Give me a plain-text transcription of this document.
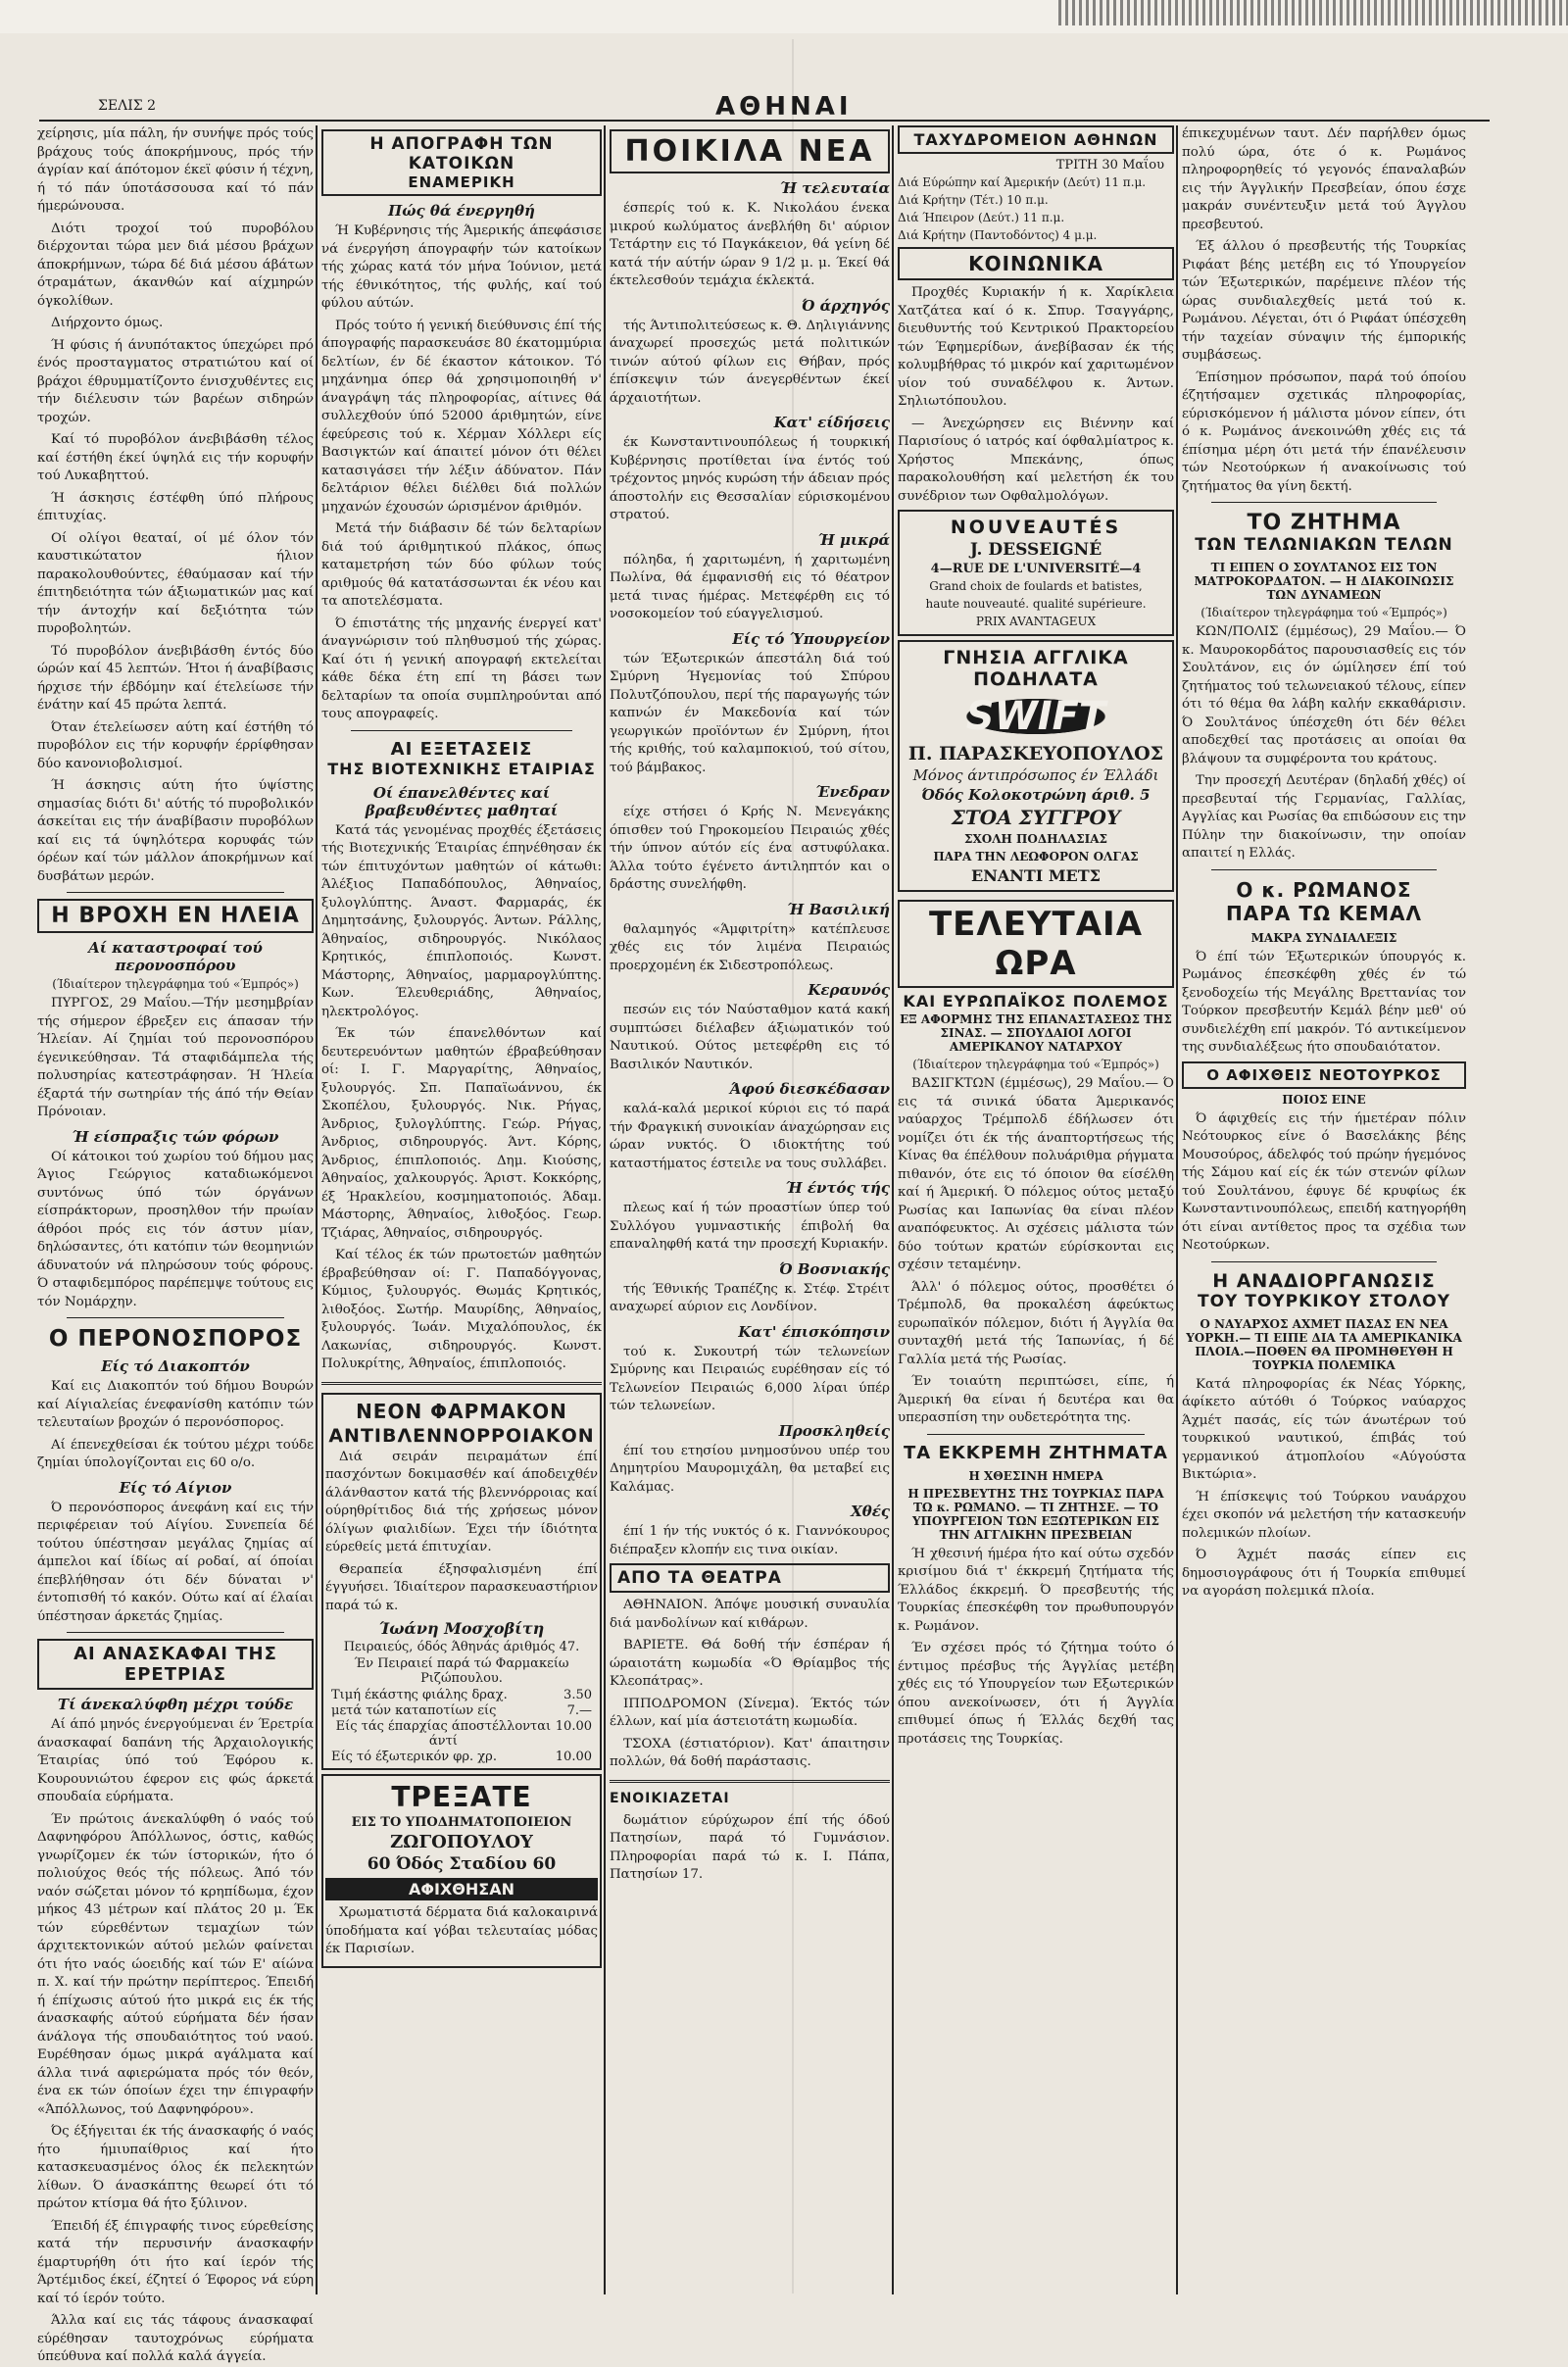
ΣΕΛΙΣ 2	ΑΘΗΝΑΙ

χείρησις, μία πάλη, ήν συνήψε πρός τούς βράχους τούς άποκρήμνους, πρός τήν άγρίαν καί άπότομον έκεϊ φύσιν ή τέχνη, ή τό πάν ύποτάσσουσα καί τό πάν ήμερώνουσα.

Διότι τροχοί τού πυροβόλου διέρχονται τώρα μεν διά μέσου βράχων άποκρήμνων, τώρα δέ διά μέσου άβάτων ότραμάτων, άκανθών καί αίχμηρών όγκολίθων.

Διήρχοντο όμως.

Ή φύσις ή άνυπότακτος ύπεχώρει πρό ένός προσταγματος στρατιώτου καί οί βράχοι έθρυμματίζοντο ένισχυθέντες εις τήν διέλευσιν τών βαρέων σιδηρών τροχών.

Καί τό πυροβόλον άνεβιβάσθη τέλος καί έστήθη έκεί ύψηλά εις τήν κορυφήν τού Λυκαβηττού.

Ή άσκησις έστέφθη ύπό πλήρους έπιτυχίας.

Οί ολίγοι θεαταί, οί μέ όλον τόν καυστικώτατον ήλιον παρακολουθούντες, έθαύμασαν καί τήν έπιτηδειότητα τών άξιωματικών μας καί τήν άντοχήν καί δεξιότητα τών πυροβολητών.

Τό πυροβόλον άνεβιβάσθη έντός δύο ώρών καί 45 λεπτών. Ήτοι ή άναβίβασις ήρχισε τήν έβδόμην καί έτελείωσε τήν ένάτην καί 45 πρώτα λεπτά.

Όταν έτελείωσεν αύτη καί έστήθη τό πυροβόλον εις τήν κορυφήν έρρίφθησαν δύο κανονιοβολισμοί.

Ή άσκησις αύτη ήτο ύψίστης σημασίας διότι δι' αύτής τό πυροβολικόν άσκείται εις τήν άναβίβασιν πυροβόλων καί εις τά ύψηλότερα κορυφάς τών όρέων καί τών μάλλον άποκρήμνων καί δυσβάτων μερών.

Η ΒΡΟΧΗ ΕΝ ΗΛΕΙΑ
Αί καταστροφαί τού περονοσπόρου
(Ίδιαίτερον τηλεγράφημα τού «Έμπρός»)

ΠΥΡΓΟΣ, 29 Μαΐου.—Τήν μεσημβρίαν τής σήμερον έβρεξεν εις άπασαν τήν Ήλείαν. Αί ζημίαι τού περονοσπόρου έγενικεύθησαν. Τά σταφιδάμπελα τής πολυσηρίας κατεστράφησαν. Ή Ήλεία έξαρτά τήν σωτηρίαν τής άπό τήν Θείαν Πρόνοιαν.

Ή είσπραξις τών φόρων

Οί κάτοικοι τού χωρίου τού δήμου μας Άγιος Γεώργιος καταδιωκόμενοι συντόνως ύπό τών όργάνων είσπράκτορων, προσηλθον τήν πρωίαν άθρόοι πρός εις τόν άστυν μίαν, δηλώσαντες, ότι κατόπιν τών θεομηνιών άδυνατούν νά πληρώσουν τούς φόρους. Ό σταφιδεμπόρος παρέπεμψε τούτους εις τόν Νομάρχην.

Ο ΠΕΡΟΝΟΣΠΟΡΟΣ
Είς τό Διακοπτόν

Καί εις Διακοπτόν τού δήμου Βουρών καί Αίγιαλείας ένεφανίσθη κατόπιν τών τελευταίων βροχών ό περονόσπορος.

Αί έπενεχθείσαι έκ τούτου μέχρι τούδε ζημίαι ύπολογίζονται εις 60 ο/ο.

Είς τό Αίγιον

Ό περονόσπορος άνεφάνη καί εις τήν περιφέρειαν τού Αίγίου. Συνεπεία δέ τούτου ύπέστησαν μεγάλας ζημίας αί άμπελοι καί ίδίως αί ροδαί, αί όποίαι έπεβλήθησαν ότι δέν δύναται ν' έντοπισθή τό κακόν. Ούτω καί αί έλαίαι ύπέστησαν άρκετάς ζημίας.

ΑΙ ΑΝΑΣΚΑΦΑΙ ΤΗΣ ΕΡΕΤΡΙΑΣ
Τί άνεκαλύφθη μέχρι τούδε

Αί άπό μηνός ένεργούμεναι έν Έρετρία άνασκαφαί δαπάνη τής Άρχαιολογικής Έταιρίας ύπό τού Έφόρου κ. Κουρουνιώτου έφερον εις φώς άρκετά σπουδαία εύρήματα.

Έν πρώτοις άνεκαλύφθη ό ναός τού Δαφνηφόρου Άπόλλωνος, όστις, καθώς γνωρίζομεν έκ τών ίστορικών, ήτο ό πολιούχος θεός τής πόλεως. Άπό τόν ναόν σώζεται μόνον τό κρηπίδωμα, έχον μήκος 43 μέτρων καί πλάτος 20 μ. Έκ τών εύρεθέντων τεμαχίων τών άρχιτεκτονικών αύτού μελών φαίνεται ότι ήτο ναός ώοειδής καί τών Ε' αίώνα π. Χ. καί τήν πρώτην περίπτερος. Έπειδή ή έπίχωσις αύτού ήτο μικρά εις έκ τής άνασκαφής αύτού εύρήματα δέν ήσαν άνάλογα τής σπουδαιότητος τού ναού. Ευρέθησαν όμως μικρά αγάλματα καί άλλα τινά αφιερώματα πρός τόν θεόν, ένα εκ τών όποίων έχει την έπιγραφήν «Άπόλλωνος, τού Δαφνηφόρου».

Ός έξήγειται έκ τής άνασκαφής ό ναός ήτο ήμιυπαίθριος καί ήτο κατασκευασμένος όλος έκ πελεκητών λίθων. Ό άνασκάπτης θεωρεί ότι τό πρώτον κτίσμα θά ήτο ξύλινον.

Έπειδή έξ έπιγραφής τινος εύρεθείσης κατά τήν περυσινήν άνασκαφήν έμαρτυρήθη ότι ήτο καί ίερόν τής Άρτέμιδος έκεί, έζητεί ό Έφορος νά εύρη καί τό ίερόν τούτο.

Άλλα καί εις τάς τάφους άνασκαφαί εύρέθησαν ταυτοχρόνως εύρήματα ύπεύθυνα καί πολλά καλά άγγεία.

Η ΑΠΟΓΡΑΦΗ ΤΩΝ ΚΑΤΟΙΚΩΝ
ΕΝΑΜΕΡΙΚΗ
Πώς θά ένεργηθή

Ή Κυβέρνησις τής Άμερικής άπεφάσισε νά ένεργήση άπογραφήν τών κατοίκων τής χώρας κατά τόν μήνα Ίούνιον, μετά τής έθνικότητος, τής φυλής, καί τού φύλου αύτών.

Πρός τούτο ή γενική διεύθυνσις έπί τής άπογραφής παρασκευάσε 80 έκατομμύρια δελτίων, έν δέ έκαστον κάτοικον. Τό μηχάνημα όπερ θά χρησιμοποιηθή ν' άναγράψη τάς πληροφορίας, αίτινες θά συλλεχθούν ύπό 52000 άριθμητών, είνε έφεύρεσις τού κ. Χέρμαν Χόλλερι είς Βασιγκτών καί άπαιτεί μόνον ότι θέλει κατασιγάσει τήν λέξιν άδύνατον. Πάν δελτάριον θέλει διέλθει διά πολλών μηχανών έχουσών ώρισμένον άριθμόν.

Μετά τήν διάβασιν δέ τών δελταρίων διά τού άριθμητικού πλάκος, όπως καταμετρήση τών δύο φύλων τούς αριθμούς θά κατατάσσωνται έκ νέου και τα αποτελέσματα.

Ό έπιστάτης τής μηχανής ένεργεί κατ' άναγνώρισιν τού πληθυσμού τής χώρας. Καί ότι ή γενική απογραφή εκτελείται κάθε δέκα έτη επί τη βάσει των δελταρίων τα οποία συμπληρούνται από τους απογραφείς.

ΑΙ ΕΞΕΤΑΣΕΙΣ
ΤΗΣ ΒΙΟΤΕΧΝΙΚΗΣ ΕΤΑΙΡΙΑΣ
Οί έπανελθέντες καί βραβευθέντες μαθηταί

Κατά τάς γενομένας προχθές έξετάσεις τής Βιοτεχνικής Έταιρίας έπηνέθησαν έκ τών έπιτυχόντων μαθητών οί κάτωθι: Άλέξιος Παπαδόπουλος, Άθηναίος, ξυλογλύπτης. Άναστ. Φαρμαράς, έκ Δημητσάνης, ξυλουργός. Άντων. Ράλλης, Άθηναίος, σιδηρουργός. Νικόλαος Κρητικός, έπιπλοποιός. Κωνστ. Μάστορης, Άθηναίος, μαρμαρογλύπτης. Κων. Έλευθεριάδης, Άθηναίος, ηλεκτρολόγος.

Έκ τών έπανελθόντων καί δευτερευόντων μαθητών έβραβεύθησαν οί: Ι. Γ. Μαργαρίτης, Άθηναίος, ξυλουργός. Σπ. Παπαϊωάννου, έκ Σκοπέλου, ξυλουργός. Νικ. Ρήγας, Άνδριος, ξυλογλύπτης. Γεώρ. Ρήγας, Άνδριος, σιδηρουργός. Άντ. Κόρης, Άνδριος, έπιπλοποιός. Δημ. Κιούσης, Άθηναίος, χαλκουργός. Άριστ. Κοκκόρης, έξ Ήρακλείου, κοσμηματοποιός. Άδαμ. Μάστορης, Άθηναίος, λιθοξόος. Γεωρ. Τζιάρας, Άθηναίος, σιδηρουργός.

Καί τέλος έκ τών πρωτοετών μαθητών έβραβεύθησαν οί: Γ. Παπαδόγγονας, Κύμιος, ξυλουργός. Θωμάς Κρητικός, λιθοξόος. Σωτήρ. Μαυρίδης, Άθηναίος, ξυλουργός. Ίωάν. Μιχαλόπουλος, έκ Λακωνίας, σιδηρουργός. Κωνστ. Πολυκρίτης, Άθηναίος, έπιπλοποιός.

ΝΕΟΝ ΦΑΡΜΑΚΟΝ
ΑΝΤΙΒΛΕΝΝΟΡΡΟΙΑΚΟΝ

Διά σειράν πειραμάτων έπί πασχόντων δοκιμασθέν καί άποδειχθέν άλάνθαστον κατά τής βλεννόρροιας καί ούρηθρίτιδος διά τής χρήσεως μόνον όλίγων φιαλιδίων. Έχει τήν ίδιότητα εύρεθείς μετά έπιτυχίαν.

Θεραπεία έξησφαλισμένη έπί έγγυήσει. Ίδιαίτερον παρασκευαστήριον παρά τώ κ.

Ίωάνη Μοσχοβίτη
Πειραιεύς, όδός Άθηνάς άριθμός 47.
Έν Πειραιεί παρά τώ Φαρμακείω Ριζώπουλου.
Τιμή έκάστης φιάλης δραχ.	3.50
μετά τών καταποτίων είς	7.—
Είς τάς έπαρχίας άποστέλλονται άντί
10.00
Είς τό έξωτερικόν φρ. χρ.	10.00
ΤΡΕΞΑΤΕ
ΕΙΣ ΤΟ ΥΠΟΔΗΜΑΤΟΠΟΙΕΙΟΝ
ΖΩΓΟΠΟΥΛΟΥ
60 Όδός Σταδίου 60
ΑΦΙΧΘΗΣΑΝ

Χρωματιστά δέρματα διά καλοκαιρινά ύποδήματα καί γόβαι τελευταίας μόδας έκ Παρισίων.

ΠΟΙΚΙΛΑ ΝΕΑ
Ή τελευταία

έσπερίς τού κ. Κ. Νικολάου ένεκα μικρού κωλύματος άνεβλήθη δι' αύριον Τετάρτην εις τό Παγκάκειον, θά γείνη δέ κατά τήν αύτήν ώραν 9 1/2 μ. μ. Έκεί θά έκτελεσθούν τεμάχια έκλεκτά.

Ό άρχηγός

τής Άντιπολιτεύσεως κ. Θ. Δηλιγιάννης άναχωρεί προσεχώς μετά πολιτικών τινών αύτού φίλων εις Θήβαν, πρός έπίσκεψιν τών άνεγερθέντων έκεί άρχαιοτήτων.

Κατ' είδήσεις

έκ Κωνσταντινουπόλεως ή τουρκική Κυβέρνησις προτίθεται ίνα έντός τού τρέχοντος μηνός κυρώση τήν άδειαν πρός άποστολήν εις Θεσσαλίαν εύρισκομένου στρατού.

Ή μικρά

πόληδα, ή χαριτωμένη, ή χαριτωμένη Πωλίνα, θά έμφανισθή εις τό θέατρον μετά τινας ήμέρας. Μετεφέρθη εις τό νοσοκομείον τού εύαγγελισμού.

Είς τό Ύπουργείον

τών Έξωτερικών άπεστάλη διά τού Σμύρνη Ήγεμονίας τού Σπύρου Πολυτζόπουλου, περί τής παραγωγής τών καπνών έν Μακεδονία καί τών γεωργικών προϊόντων έν Σμύρνη, ήτοι τής κριθής, τού καλαμποκιού, τού σίτου, τού βάμβακος.

Ένεδραν

είχε στήσει ό Κρής Ν. Μενεγάκης όπισθεν τού Γηροκομείου Πειραιώς χθές τήν ύπνον αύτόν είς ένα αστυφύλακα. Άλλα τούτο έγένετο άντιληπτόν και ο δράστης συνελήφθη.

Ή Βασιλική

θαλαμηγός «Άμφιτρίτη» κατέπλευσε χθές εις τόν λιμένα Πειραιώς προερχομένη έκ Σιδεστροπόλεως.

Κεραυνός

πεσών εις τόν Ναύσταθμον κατά κακή συμπτώσει διέλαβεν άξιωματικόν τού Ναυτικού. Ούτος μετεφέρθη εις τό Βασιλικόν Ναυτικόν.

Άφού διεσκέδασαν

καλά-καλά μερικοί κύριοι εις τό παρά τήν Φραγκική συνοικίαν άναχώρησαν εις ώραν νυκτός. Ό ιδιοκτήτης τού καταστήματος έστειλε να τους συλλάβει.

Ή έντός τής

πλεως καί ή τών προαστίων ύπερ τού Συλλόγου γυμναστικής έπιβολή θα επαναληφθή κατά την προσεχή Κυριακήν.

Ό Βοσνιακής

τής Έθνικής Τραπέζης κ. Στέφ. Στρέιτ αναχωρεί αύριον εις Λονδίνον.

Κατ' έπισκόπησιν

τού κ. Συκουτρή τών τελωνείων Σμύρνης και Πειραιώς ευρέθησαν είς τό Τελωνείον Πειραιώς 6,000 λίραι ύπέρ τών τελωνείων.

Προσκληθείς

έπί του ετησίου μνημοσύνου υπέρ του Δημητρίου Μαυρομιχάλη, θα μεταβεί εις Καλάμας.

Χθές

έπί 1 ήν τής νυκτός ό κ. Γιαννόκουρος διέπραξεν κλοπήν εις τινα οικίαν.

ΑΠΟ ΤΑ ΘΕΑΤΡΑ

ΑΘΗΝΑΙΟΝ. Άπόψε μουσική συναυλία διά μανδολίνων καί κιθάρων.

ΒΑΡΙΕΤΕ. Θά δοθή τήν έσπέραν ή ώραιοτάτη κωμωδία «Ό Θρίαμβος τής Κλεοπάτρας».

ΙΠΠΟΔΡΟΜΟΝ (Σίνεμα). Έκτός τών έλλων, καί μία άστειοτάτη κωμωδία.

ΤΣΟΧΑ (έστιατόριον). Κατ' άπαιτησιν πολλών, θά δοθή παράστασις.

ΕΝΟΙΚΙΑΖΕΤΑΙ

δωμάτιον εύρύχωρον έπί τής όδού Πατησίων, παρά τό Γυμνάσιον. Πληροφορίαι παρά τώ κ. Ι. Πάπα, Πατησίων 17.

ΤΑΧΥΔΡΟΜΕΙΟΝ ΑΘΗΝΩΝ
ΤΡΙΤΗ 30 Μαΐου
Διά Εύρώπην καί Άμερικήν (Δεύτ) 11 π.μ.
Διά Κρήτην (Τέτ.) 10 π.μ.
Διά Ήπειρον (Δεύτ.) 11 π.μ.
Διά Κρήτην (Παντοδόντος) 4 μ.μ.
ΚΟΙΝΩΝΙΚΑ

Προχθές Κυριακήν ή κ. Χαρίκλεια Χατζάτεα καί ό κ. Σπυρ. Τσαγγάρης, διευθυντής τού Κεντρικού Πρακτορείου τών Έφημερίδων, άνεβίβασαν έκ τής κολυμβήθρας τό μικρόν καί χαριτωμένον υίον τού συναδέλφου κ. Άντων. Σηλιωτόπουλου.

— Άνεχώρησεν εις Βιέννην καί Παρισίους ό ιατρός καί όφθαλμίατρος κ. Χρήστος Μπεκάνης, όπως παρακολουθήση καί μελετήση έκ του συνέδριον των Οφθαλμολόγων.

NOUVEAUTÉS
J. DESSEIGNÉ
4—RUE DE L'UNIVERSITÉ—4
Grand choix de foulards et batistes,
haute nouveauté. qualité supérieure.
PRIX AVANTAGEUX
ΓΝΗΣΙΑ ΑΓΓΛΙΚΑ ΠΟΔΗΛΑΤΑ
SWIFT
Π. ΠΑΡΑΣΚΕΥΟΠΟΥΛΟΣ
Μόνος άντιπρόσωπος έν Έλλάδι
Όδός Κολοκοτρώνη άριθ. 5
ΣΤΟΑ ΣΥΓΓΡΟΥ
ΣΧΟΛΗ ΠΟΔΗΛΑΣΙΑΣ
ΠΑΡΑ ΤΗΝ ΛΕΩΦΟΡΟΝ ΟΛΓΑΣ
ΕΝΑΝΤΙ ΜΕΤΣ
ΤΕΛΕΥΤΑΙΑ ΩΡΑ
ΚΑΙ ΕΥΡΩΠΑΪΚΟΣ ΠΟΛΕΜΟΣ
ΕΞ ΑΦΟΡΜΗΣ ΤΗΣ ΕΠΑΝΑΣΤΑΣΕΩΣ ΤΗΣ ΣΙΝΑΣ. — ΣΠΟΥΔΑΙΟΙ ΛΟΓΟΙ ΑΜΕΡΙΚΑΝΟΥ ΝΑΤΑΡΧΟΥ
(Ίδιαίτερον τηλεγράφημα τού «Έμπρός»)

ΒΑΣΙΓΚΤΩΝ (έμμέσως), 29 Μαΐου.— Ό εις τά σινικά ύδατα Άμερικανός ναύαρχος Τρέμπολδ έδήλωσεν ότι νομίζει ότι έκ τής άναπτορτήσεως τής Κίνας θα έπέλθουν πολυάριθμα ρήγματα πιθανόν, ότε εις τό όποιον θα είσέλθη καί ή Άμερική. Ό πόλεμος ούτος μεταξύ Ρωσίας και Ιαπωνίας θα είναι πλέον αναπόφευκτος. Αι σχέσεις μάλιστα τών δύο τούτων κρατών εύρίσκονται εις σχέσιν τεταμένην.

Άλλ' ό πόλεμος ούτος, προσθέτει ό Τρέμπολδ, θα προκαλέση άφεύκτως ευρωπαϊκόν πόλεμον, διότι ή Άγγλία θα συνταχθή μετά τής Ίαπωνίας, ή δέ Γαλλία μετά τής Ρωσίας.

Έν τοιαύτη περιπτώσει, είπε, ή Άμερική θα είναι ή δευτέρα και θα υπερασπίση την ουδετερότητα της.

ΤΑ ΕΚΚΡΕΜΗ ΖΗΤΗΜΑΤΑ
Η ΧΘΕΣΙΝΗ ΗΜΕΡΑ
Η ΠΡΕΣΒΕΥΤΗΣ ΤΗΣ ΤΟΥΡΚΙΑΣ ΠΑΡΑ ΤΩ κ. ΡΩΜΑΝΟ. — ΤΙ ΖΗΤΗΣΕ. — ΤΟ ΥΠΟΥΡΓΕΙΟΝ ΤΩΝ ΕΞΩΤΕΡΙΚΩΝ ΕΙΣ ΤΗΝ ΑΓΓΛΙΚΗΝ ΠΡΕΣΒΕΙΑΝ

Ή χθεσινή ήμέρα ήτο καί ούτω σχεδόν κρισίμου διά τ' έκκρεμή ζητήματα τής Έλλάδος έκκρεμή. Ό πρεσβευτής τής Τουρκίας έπεσκέφθη τον πρωθυπουργόν κ. Ρωμάνον.

Έν σχέσει πρός τό ζήτημα τούτο ό έντιμος πρέσβυς τής Άγγλίας μετέβη χθές εις τό Υπουργείον των Εξωτερικών όπου ανεκοίνωσεν, ότι ή Άγγλία επιθυμεί όπως ή Έλλάς δεχθή τας προτάσεις της Τουρκίας.

έπικεχυμένων ταυτ. Δέν παρήλθεν όμως πολύ ώρα, ότε ό κ. Ρωμάνος πληροφορηθείς τό γεγονός έπαναλαβών εις τήν Άγγλικήν Πρεσβείαν, όπου έσχε μακράν συνέντευξιν μετά τού Άγγλου πρεσβευτού.

Έξ άλλου ό πρεσβευτής τής Τουρκίας Ριφάατ βέης μετέβη εις τό Υπουργείον τών Έξωτερικών, παρέμεινε πλέον τής ώρας συνδιαλεχθείς μετά τού κ. Ρωμάνου. Λέγεται, ότι ό Ριφάατ ύπέσχεθη τήν ταχείαν σύναψιν τής έμπορικής συμβάσεως.

Έπίσημον πρόσωπον, παρά τού όποίου έζητήσαμεν σχετικάς πληροφορίας, εύρισκόμενον ή μάλιστα μόνον είπεν, ότι ό κ. Ρωμάνος άνεκοινώθη χθές εις τά έπίσημα μέρη ότι μετά τήν έπανέλευσιν τών Νεοτούρκων ή ανακοίνωσις τού ζητήματος θα γίνη δεκτή.

ΤΟ ΖΗΤΗΜΑ
ΤΩΝ ΤΕΛΩΝΙΑΚΩΝ ΤΕΛΩΝ
ΤΙ ΕΙΠΕΝ Ο ΣΟΥΛΤΑΝΟΣ ΕΙΣ ΤΟΝ ΜΑΤΡΟΚΟΡΔΑΤΟΝ. — Η ΔΙΑΚΟΙΝΩΣΙΣ ΤΩΝ ΔΥΝΑΜΕΩΝ
(Ίδιαίτερον τηλεγράφημα τού «Έμπρός»)

ΚΩΝ/ΠΟΛΙΣ (έμμέσως), 29 Μαΐου.— Ό κ. Μαυροκορδάτος παρουσιασθείς εις τόν Σουλτάνον, εις όν ώμίλησεν έπί τού ζητήματος τού τελωνειακού τέλους, είπεν ότι τό θέμα θα λάβη καλήν εκκαθάρισιν. Ό Σουλτάνος ύπέσχεθη ότι δέν θέλει αποδεχθεί τας προτάσεις αι οποίαι θα βλάψουν τα συμφέροντα του κράτους.

Την προσεχή Δευτέραν (δηλαδή χθές) οί πρεσβευταί τής Γερμανίας, Γαλλίας, Αγγλίας και Ρωσίας θα επιδώσουν εις την Πύλην την διακοίνωσιν, την οποίαν απαιτεί η Ελλάς.

Ο κ. ΡΩΜΑΝΟΣ
ΠΑΡΑ ΤΩ ΚΕΜΑΛ
ΜΑΚΡΑ ΣΥΝΔΙΑΛΕΞΙΣ

Ό έπί τών Έξωτερικών ύπουργός κ. Ρωμάνος έπεσκέφθη χθές έν τώ ξενοδοχείω τής Μεγάλης Βρεττανίας τον Τούρκον πρεσβευτήν Κεμάλ βέην μεθ' ού συνδιελέχθη επί μακρόν. Τό αντικείμενον της συνδιαλέξεως ήτο σπουδαιότατον.

Ο ΑΦΙΧΘΕΙΣ ΝΕΟΤΟΥΡΚΟΣ
ΠΟΙΟΣ ΕΙΝΕ

Ό άφιχθείς εις τήν ήμετέραν πόλιν Νεότουρκος είνε ό Βασελάκης βέης Μουσούρος, άδελφός τού πρώην ήγεμόνος τής Σάμου καί είς έκ τών στενών φίλων τού Σουλτάνου, έφυγε δέ κρυφίως έκ Κωνσταντινουπόλεως, επειδή κατηγορήθη ότι είναι αντίθετος προς τα σχέδια των Νεοτούρκων.

Η ΑΝΑΔΙΟΡΓΑΝΩΣΙΣ
ΤΟΥ ΤΟΥΡΚΙΚΟΥ ΣΤΟΛΟΥ
Ο ΝΑΥΑΡΧΟΣ ΑΧΜΕΤ ΠΑΣΑΣ ΕΝ ΝΕΑ ΥΟΡΚΗ.— ΤΙ ΕΙΠΕ ΔΙΑ ΤΑ ΑΜΕΡΙΚΑΝΙΚΑ ΠΛΟΙΑ.—ΠΟΘΕΝ ΘΑ ΠΡΟΜΗΘΕΥΘΗ Η ΤΟΥΡΚΙΑ ΠΟΛΕΜΙΚΑ

Κατά πληροφορίας έκ Νέας Υόρκης, άφίκετο αύτόθι ό Τούρκος ναύαρχος Άχμέτ πασάς, είς τών άνωτέρων τού τουρκικού ναυτικού, έπιβάς τού γερμανικού άτμοπλοίου «Αύγούστα Βικτώρια».

Ή έπίσκεψις τού Τούρκου ναυάρχου έχει σκοπόν νά μελετήση τήν κατασκευήν πολεμικών πλοίων.

Ό Άχμέτ πασάς είπεν εις δημοσιογράφους ότι ή Τουρκία επιθυμεί να αγοράση πολεμικά πλοία.
